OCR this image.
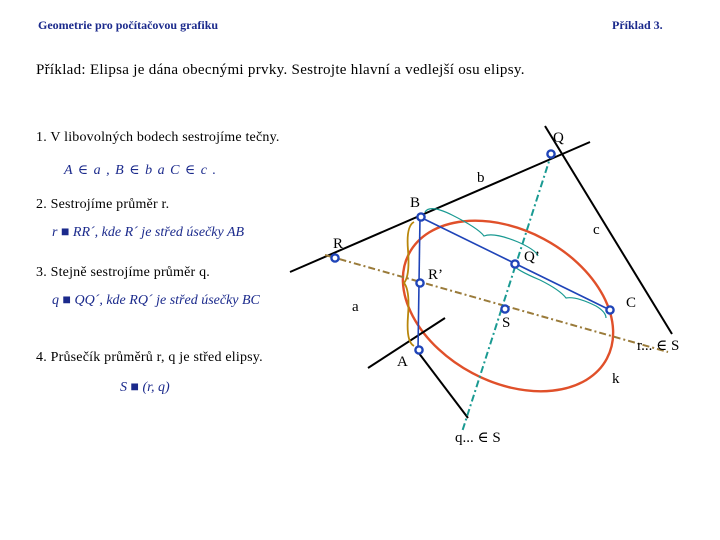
Geometrie pro počítačovou grafiku	Příklad 3.
Příklad: Elipsa je dána obecnými prvky. Sestrojte hlavní a vedlejší osu elipsy.
1. V libovolných bodech sestrojíme tečny.
A ∈ a , B ∈ b a C ∈ c .
2. Sestrojíme průměr r.
r ■ RR´, kde R´ je střed úsečky AB
3. Stejně sestrojíme průměr q.
q ■ QQ´, kde RQ´ je střed úsečky BC
4. Průsečík průměrů r, q je střed elipsy.
S ■ (r, q)
Q
b
B
c
R
Q’
R’
C
a
S
r... ∈ S
A
k
q... ∈ S
